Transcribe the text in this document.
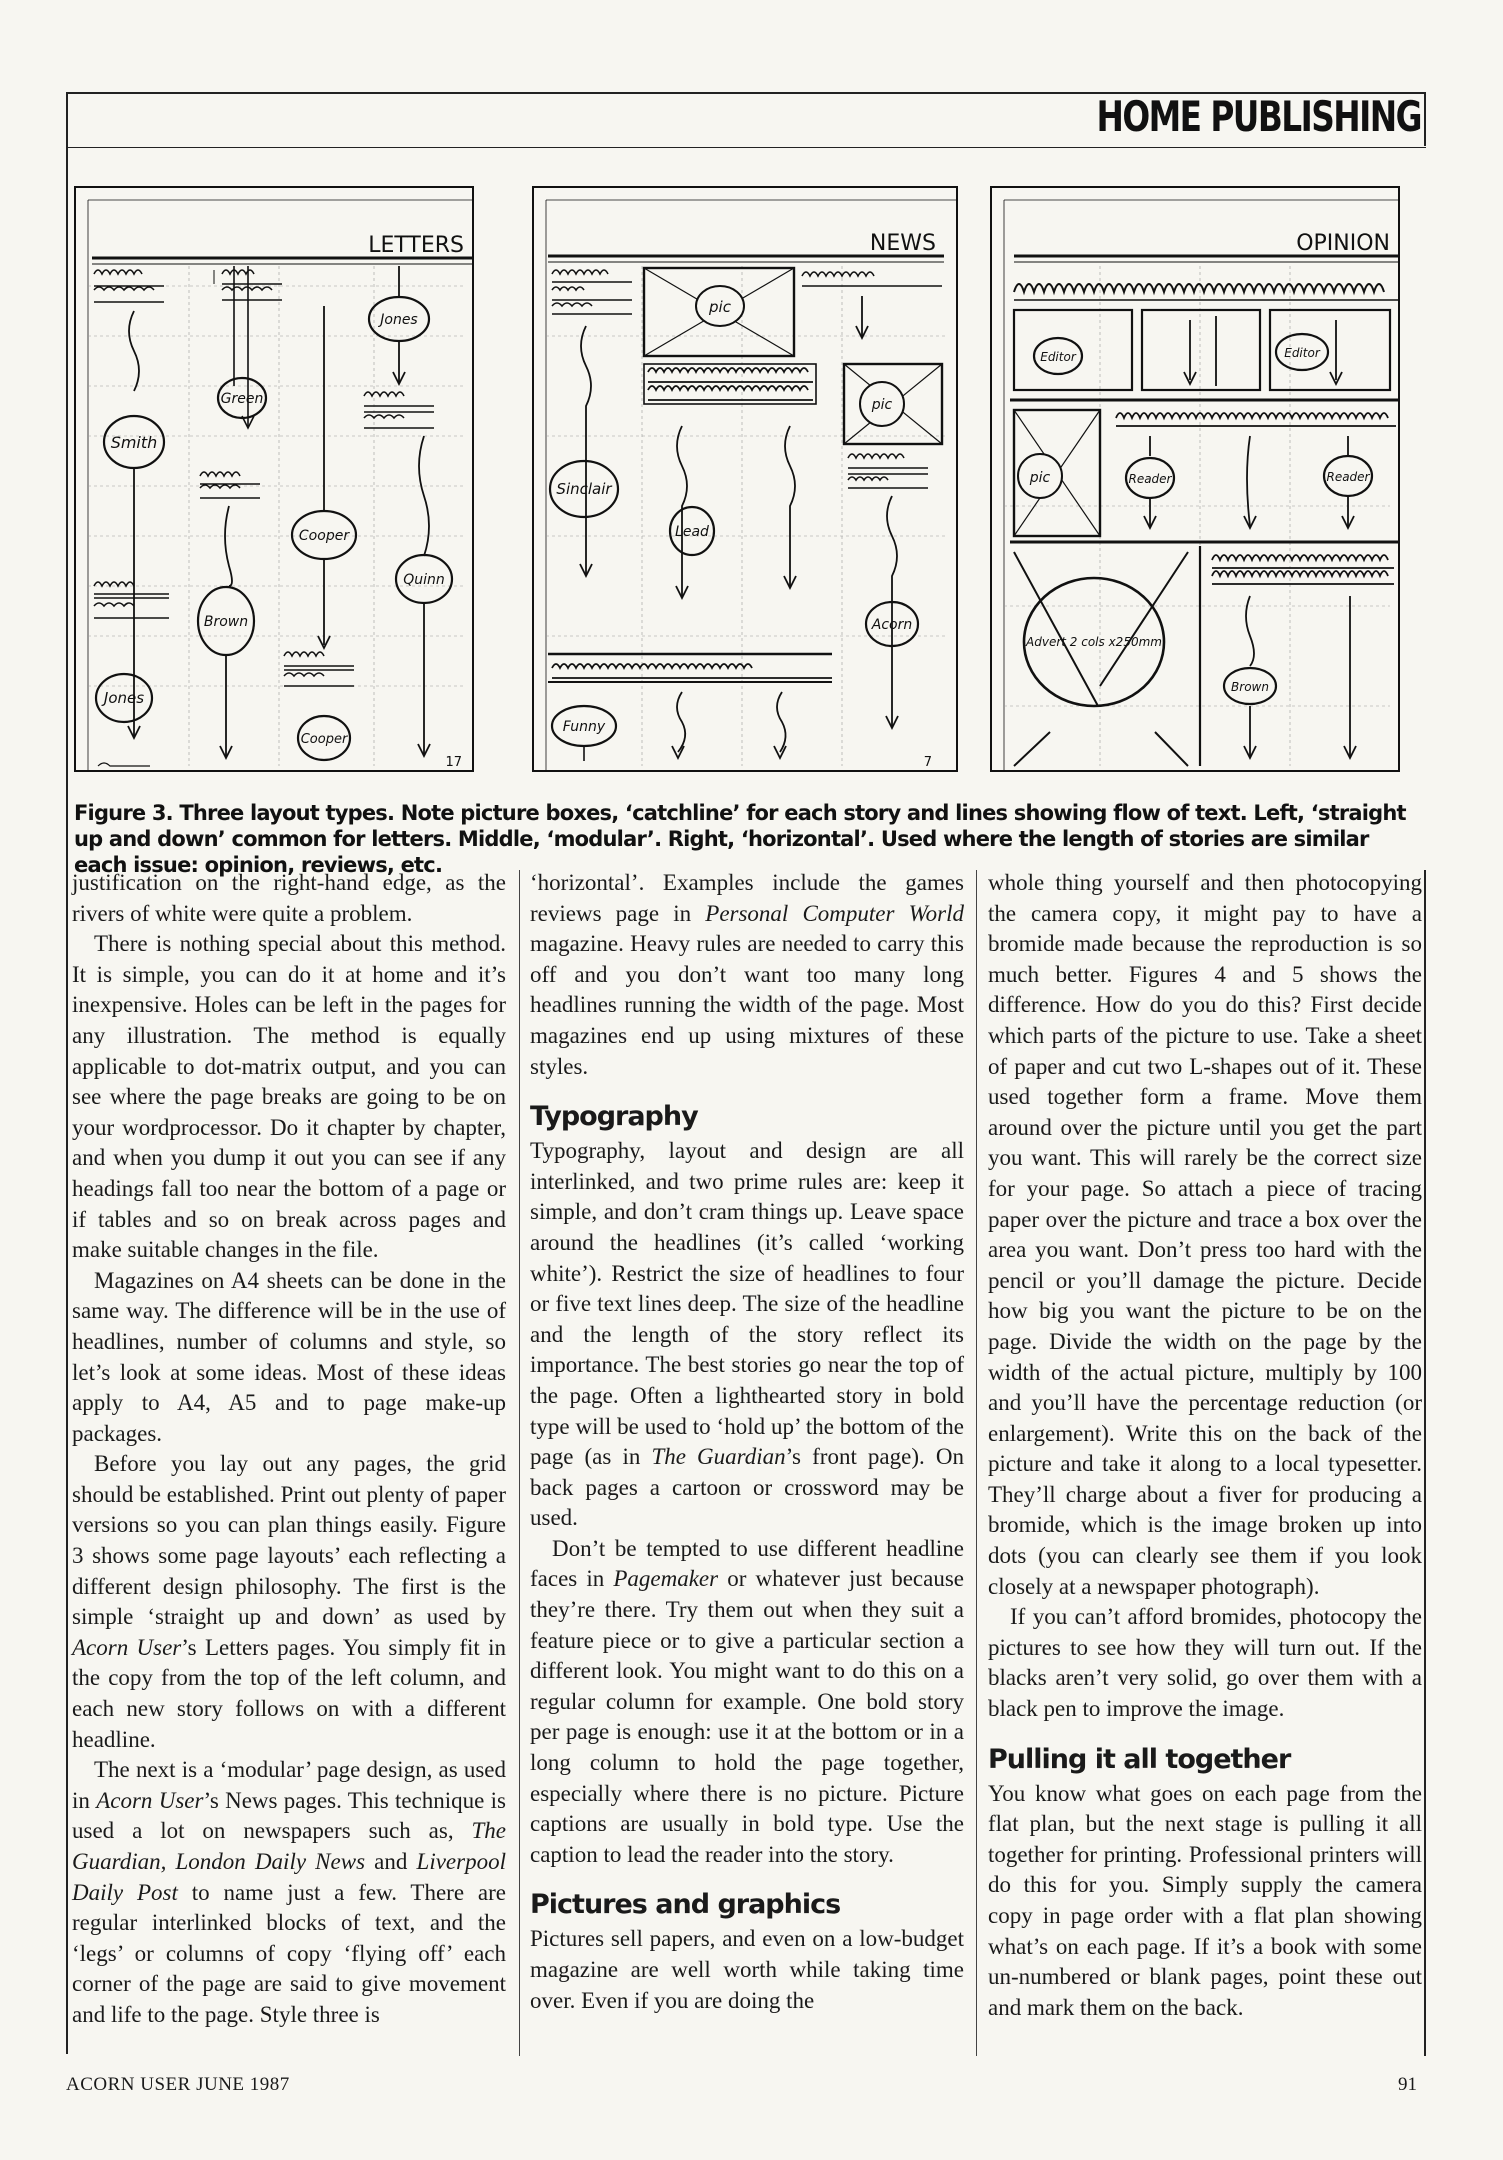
HOME PUBLISHING
LETTERS
Smith
Jones
Green
Brown
Cooper
Cooper
Jones
Quinn
17
NEWS
Sinclair
pic
Lead
pic
Acorn
Funny
7
OPINION
Editor	Editor
pic	Reader	Reader
Advert 2 cols x250mm
Brown
Figure 3. Three layout types. Note picture boxes, ‘catchline’ for each story and lines showing flow of text. Left, ‘straight up and down’ common for letters. Middle, ‘modular’. Right, ‘horizontal’. Used where the length of stories are similar each issue: opinion, reviews, etc.

justification on the right-hand edge, as the rivers of white were quite a problem.

There is nothing special about this method. It is simple, you can do it at home and it’s inexpensive. Holes can be left in the pages for any illustration. The method is equally applicable to dot-matrix output, and you can see where the page breaks are going to be on your wordprocessor. Do it chapter by chapter, and when you dump it out you can see if any headings fall too near the bottom of a page or if tables and so on break across pages and make suitable changes in the file.

Magazines on A4 sheets can be done in the same way. The difference will be in the use of headlines, number of columns and style, so let’s look at some ideas. Most of these ideas apply to A4, A5 and to page make-up packages.

Before you lay out any pages, the grid should be established. Print out plenty of paper versions so you can plan things easily. Figure 3 shows some page layouts’ each reflecting a different design philosophy. The first is the simple ‘straight up and down’ as used by Acorn User’s Letters pages. You simply fit in the copy from the top of the left column, and each new story follows on with a different headline.

The next is a ‘modular’ page design, as used in Acorn User’s News pages. This technique is used a lot on newspapers such as, The Guardian, London Daily News and Liverpool Daily Post to name just a few. There are regular interlinked blocks of text, and the ‘legs’ or columns of copy ‘flying off’ each corner of the page are said to give movement and life to the page. Style three is

‘horizontal’. Examples include the games reviews page in Personal Computer World magazine. Heavy rules are needed to carry this off and you don’t want too many long headlines running the width of the page. Most magazines end up using mixtures of these styles.

Typography

Typography, layout and design are all interlinked, and two prime rules are: keep it simple, and don’t cram things up. Leave space around the headlines (it’s called ‘working white’). Restrict the size of headlines to four or five text lines deep. The size of the headline and the length of the story reflect its importance. The best stories go near the top of the page. Often a lighthearted story in bold type will be used to ‘hold up’ the bottom of the page (as in The Guardian’s front page). On back pages a cartoon or crossword may be used.

Don’t be tempted to use different headline faces in Pagemaker or whatever just because they’re there. Try them out when they suit a feature piece or to give a particular section a different look. You might want to do this on a regular column for example. One bold story per page is enough: use it at the bottom or in a long column to hold the page together, especially where there is no picture. Picture captions are usually in bold type. Use the caption to lead the reader into the story.

Pictures and graphics

Pictures sell papers, and even on a low-budget magazine are well worth while taking time over. Even if you are doing the

whole thing yourself and then photocopying the camera copy, it might pay to have a bromide made because the reproduction is so much better. Figures 4 and 5 shows the difference. How do you do this? First decide which parts of the picture to use. Take a sheet of paper and cut two L-shapes out of it. These used together form a frame. Move them around over the picture until you get the part you want. This will rarely be the correct size for your page. So attach a piece of tracing paper over the picture and trace a box over the area you want. Don’t press too hard with the pencil or you’ll damage the picture. Decide how big you want the picture to be on the page. Divide the width on the page by the width of the actual picture, multiply by 100 and you’ll have the percentage reduction (or enlargement). Write this on the back of the picture and take it along to a local typesetter. They’ll charge about a fiver for producing a bromide, which is the image broken up into dots (you can clearly see them if you look closely at a newspaper photograph).

If you can’t afford bromides, photocopy the pictures to see how they will turn out. If the blacks aren’t very solid, go over them with a black pen to improve the image.

Pulling it all together

You know what goes on each page from the flat plan, but the next stage is pulling it all together for printing. Professional printers will do this for you. Simply supply the camera copy in page order with a flat plan showing what’s on each page. If it’s a book with some un-numbered or blank pages, point these out and mark them on the back.

ACORN USER JUNE 1987	91
